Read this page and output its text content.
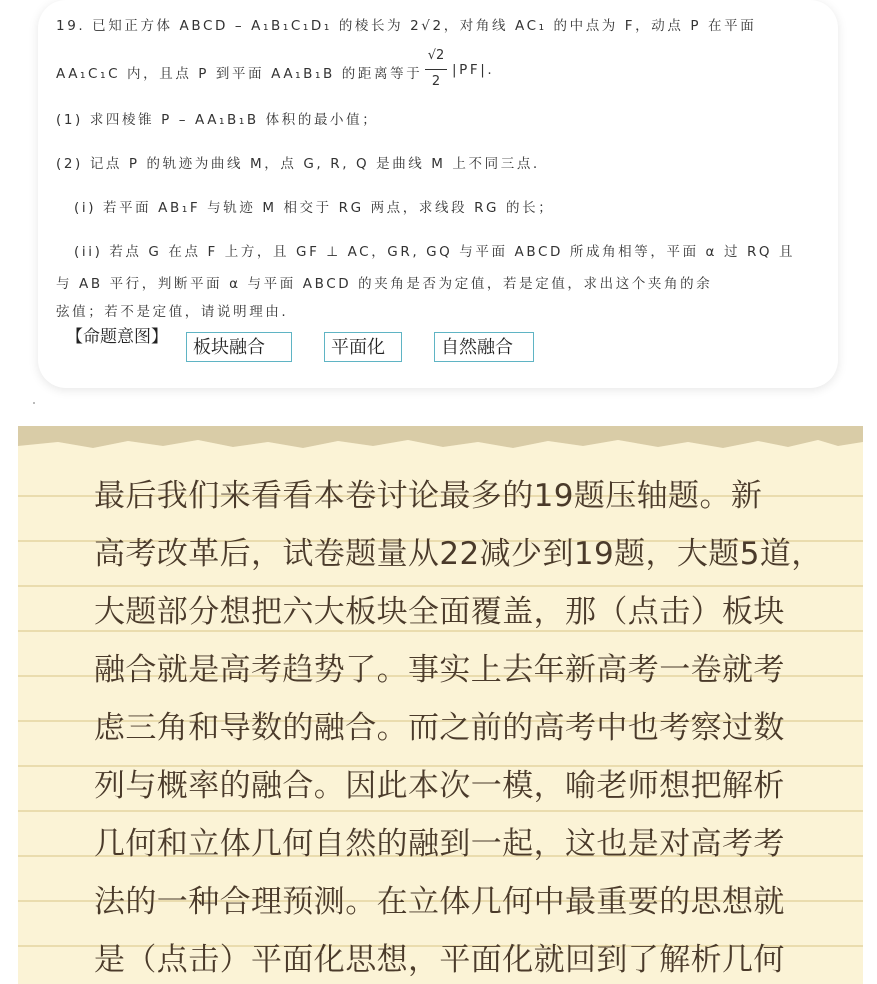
19. 已知正方体 ABCD – A₁B₁C₁D₁ 的棱长为 2√2，对角线 AC₁ 的中点为 F，动点 P 在平面
AA₁C₁C 内，且点 P 到平面 AA₁B₁B 的距离等于
√2
2
|PF|.
(1) 求四棱锥 P – AA₁B₁B 体积的最小值；
(2) 记点 P 的轨迹为曲线 M，点 G, R, Q 是曲线 M 上不同三点.
(i) 若平面 AB₁F 与轨迹 M 相交于 RG 两点，求线段 RG 的长；
(ii) 若点 G 在点 F 上方，且 GF ⊥ AC，GR, GQ 与平面 ABCD 所成角相等，平面 α 过 RQ 且
与 AB 平行，判断平面 α 与平面 ABCD 的夹角是否为定值，若是定值，求出这个夹角的余
弦值；若不是定值，请说明理由.
【命题意图】	板块融合	平面化	自然融合
最后我们来看看本卷讨论最多的19题压轴题。新
高考改革后，试卷题量从22减少到19题，大题5道，
大题部分想把六大板块全面覆盖，那（点击）板块
融合就是高考趋势了。事实上去年新高考一卷就考
虑三角和导数的融合。而之前的高考中也考察过数
列与概率的融合。因此本次一模，喻老师想把解析
几何和立体几何自然的融到一起，这也是对高考考
法的一种合理预测。在立体几何中最重要的思想就
是（点击）平面化思想，平面化就回到了解析几何
